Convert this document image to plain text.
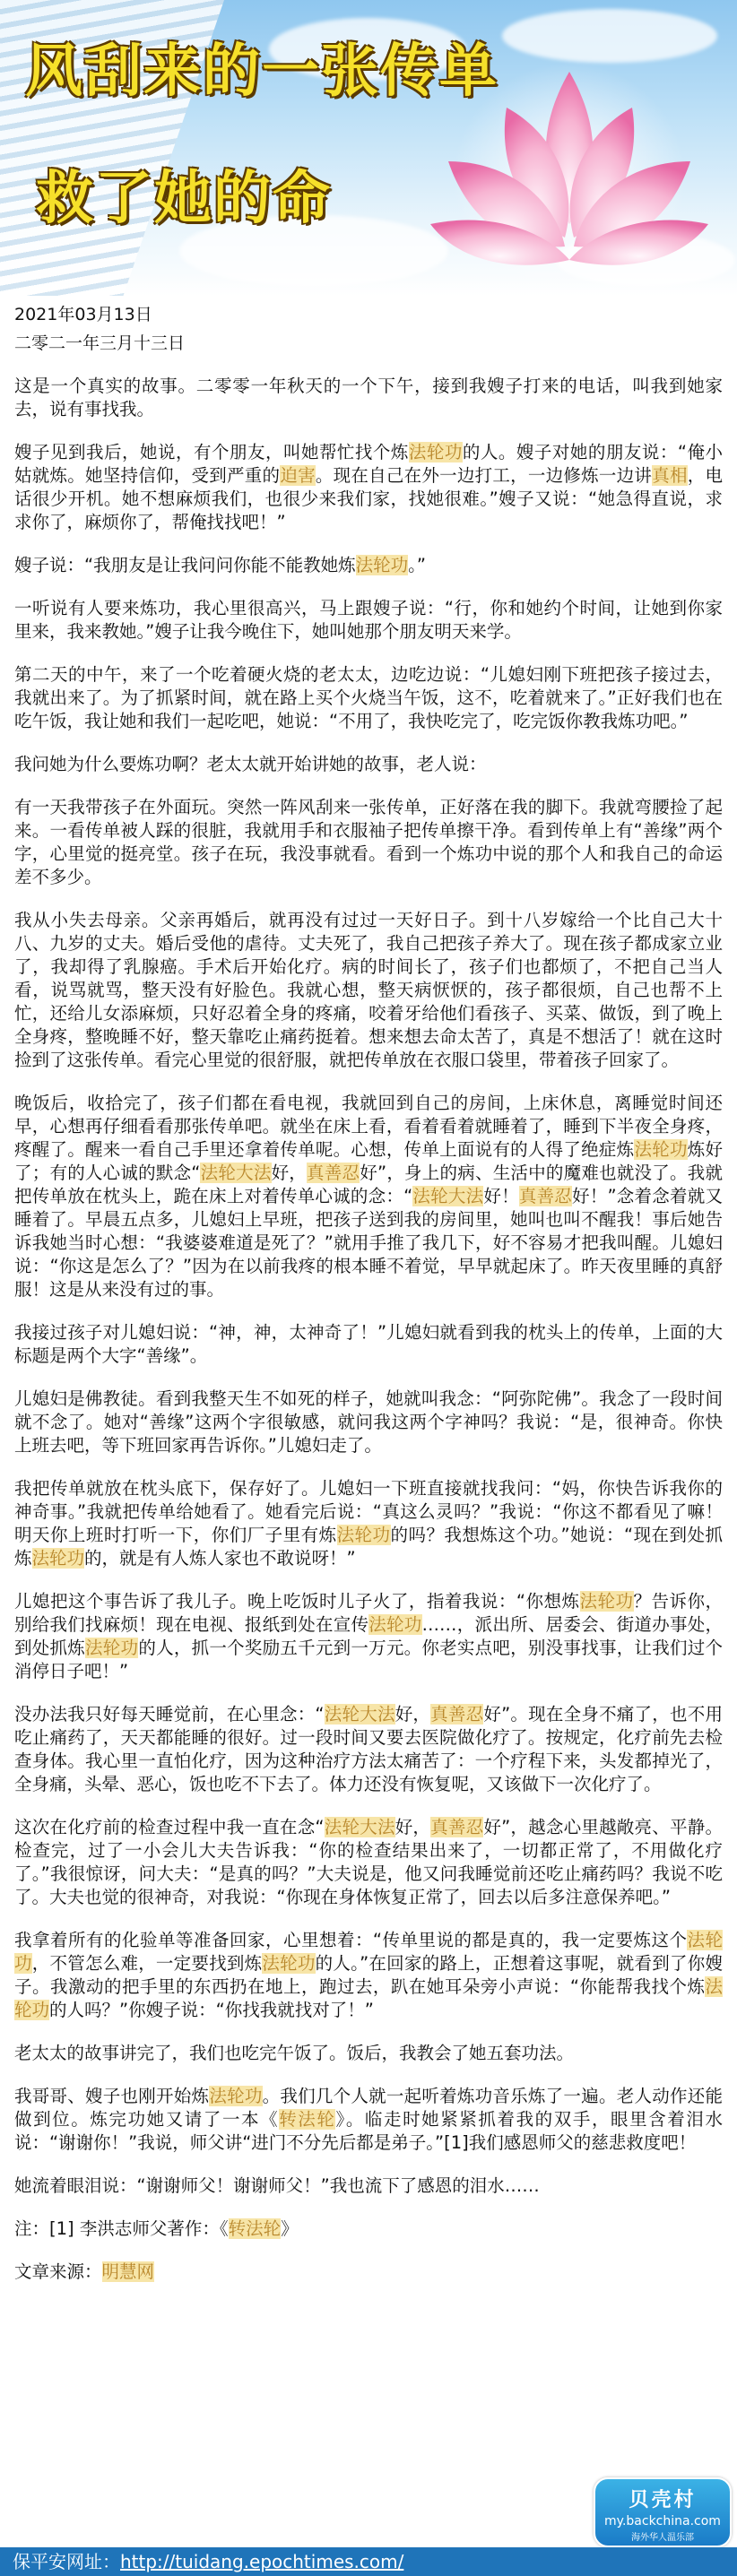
风刮来的一张传单
救了她的命

2021年03月13日

二零二一年三月十三日

这是一个真实的故事。二零零一年秋天的一个下午，接到我嫂子打来的电话，叫我到她家去，说有事找我。

嫂子见到我后，她说，有个朋友，叫她帮忙找个炼法轮功的人。嫂子对她的朋友说：“俺小姑就炼。她坚持信仰，受到严重的迫害。现在自己在外一边打工，一边修炼一边讲真相，电话很少开机。她不想麻烦我们，也很少来我们家，找她很难。”嫂子又说：“她急得直说，求求你了，麻烦你了，帮俺找找吧！”

嫂子说：“我朋友是让我问问你能不能教她炼法轮功。”

一听说有人要来炼功，我心里很高兴，马上跟嫂子说：“行，你和她约个时间，让她到你家里来，我来教她。”嫂子让我今晚住下，她叫她那个朋友明天来学。

第二天的中午，来了一个吃着硬火烧的老太太，边吃边说：“儿媳妇刚下班把孩子接过去，我就出来了。为了抓紧时间，就在路上买个火烧当午饭，这不，吃着就来了。”正好我们也在吃午饭，我让她和我们一起吃吧，她说：“不用了，我快吃完了，吃完饭你教我炼功吧。”

我问她为什么要炼功啊？老太太就开始讲她的故事，老人说：

有一天我带孩子在外面玩。突然一阵风刮来一张传单，正好落在我的脚下。我就弯腰捡了起来。一看传单被人踩的很脏，我就用手和衣服袖子把传单擦干净。看到传单上有“善缘”两个字，心里觉的挺亮堂。孩子在玩，我没事就看。看到一个炼功中说的那个人和我自己的命运差不多少。

我从小失去母亲。父亲再婚后，就再没有过过一天好日子。到十八岁嫁给一个比自己大十八、九岁的丈夫。婚后受他的虐待。丈夫死了，我自己把孩子养大了。现在孩子都成家立业了，我却得了乳腺癌。手术后开始化疗。病的时间长了，孩子们也都烦了，不把自己当人看，说骂就骂，整天没有好脸色。我就心想，整天病恹恹的，孩子都很烦，自己也帮不上忙，还给儿女添麻烦，只好忍着全身的疼痛，咬着牙给他们看孩子、买菜、做饭，到了晚上全身疼，整晚睡不好，整天靠吃止痛药挺着。想来想去命太苦了，真是不想活了！就在这时捡到了这张传单。看完心里觉的很舒服，就把传单放在衣服口袋里，带着孩子回家了。

晚饭后，收拾完了，孩子们都在看电视，我就回到自己的房间，上床休息，离睡觉时间还早，心想再仔细看看那张传单吧。就坐在床上看，看着看着就睡着了，睡到下半夜全身疼，疼醒了。醒来一看自己手里还拿着传单呢。心想，传单上面说有的人得了绝症炼法轮功炼好了；有的人心诚的默念“法轮大法好，真善忍好”，身上的病、生活中的魔难也就没了。我就把传单放在枕头上，跪在床上对着传单心诚的念：“法轮大法好！真善忍好！”念着念着就又睡着了。早晨五点多，儿媳妇上早班，把孩子送到我的房间里，她叫也叫不醒我！事后她告诉我她当时心想：“我婆婆难道是死了？”就用手推了我几下，好不容易才把我叫醒。儿媳妇说：“你这是怎么了？”因为在以前我疼的根本睡不着觉，早早就起床了。昨天夜里睡的真舒服！这是从来没有过的事。

我接过孩子对儿媳妇说：“神，神，太神奇了！”儿媳妇就看到我的枕头上的传单，上面的大标题是两个大字“善缘”。

儿媳妇是佛教徒。看到我整天生不如死的样子，她就叫我念：“阿弥陀佛”。我念了一段时间就不念了。她对“善缘”这两个字很敏感，就问我这两个字神吗？我说：“是，很神奇。你快上班去吧，等下班回家再告诉你。”儿媳妇走了。

我把传单就放在枕头底下，保存好了。儿媳妇一下班直接就找我问：“妈，你快告诉我你的神奇事。”我就把传单给她看了。她看完后说：“真这么灵吗？”我说：“你这不都看见了嘛！明天你上班时打听一下，你们厂子里有炼法轮功的吗？我想炼这个功。”她说：“现在到处抓炼法轮功的，就是有人炼人家也不敢说呀！”

儿媳把这个事告诉了我儿子。晚上吃饭时儿子火了，指着我说：“你想炼法轮功？告诉你，别给我们找麻烦！现在电视、报纸到处在宣传法轮功……，派出所、居委会、街道办事处，到处抓炼法轮功的人，抓一个奖励五千元到一万元。你老实点吧，别没事找事，让我们过个消停日子吧！”

没办法我只好每天睡觉前，在心里念：“法轮大法好，真善忍好”。现在全身不痛了，也不用吃止痛药了，天天都能睡的很好。过一段时间又要去医院做化疗了。按规定，化疗前先去检查身体。我心里一直怕化疗，因为这种治疗方法太痛苦了：一个疗程下来，头发都掉光了，全身痛，头晕、恶心，饭也吃不下去了。体力还没有恢复呢，又该做下一次化疗了。

这次在化疗前的检查过程中我一直在念“法轮大法好，真善忍好”，越念心里越敞亮、平静。检查完，过了一小会儿大夫告诉我：“你的检查结果出来了，一切都正常了，不用做化疗了。”我很惊讶，问大夫：“是真的吗？”大夫说是，他又问我睡觉前还吃止痛药吗？我说不吃了。大夫也觉的很神奇，对我说：“你现在身体恢复正常了，回去以后多注意保养吧。”

我拿着所有的化验单等准备回家，心里想着：“传单里说的都是真的，我一定要炼这个法轮功，不管怎么难，一定要找到炼法轮功的人。”在回家的路上，正想着这事呢，就看到了你嫂子。我激动的把手里的东西扔在地上，跑过去，趴在她耳朵旁小声说：“你能帮我找个炼法轮功的人吗？”你嫂子说：“你找我就找对了！”

老太太的故事讲完了，我们也吃完午饭了。饭后，我教会了她五套功法。

我哥哥、嫂子也刚开始炼法轮功。我们几个人就一起听着炼功音乐炼了一遍。老人动作还能做到位。炼完功她又请了一本《转法轮》。临走时她紧紧抓着我的双手，眼里含着泪水说：“谢谢你！”我说，师父讲“进门不分先后都是弟子。”[1]我们感恩师父的慈悲救度吧！

她流着眼泪说：“谢谢师父！谢谢师父！”我也流下了感恩的泪水……

注：[1] 李洪志师父著作：《转法轮》

文章来源：明慧网

贝壳村
my.backchina.com
海外华人温乐部
保平安网址：http://tuidang.epochtimes.com/
